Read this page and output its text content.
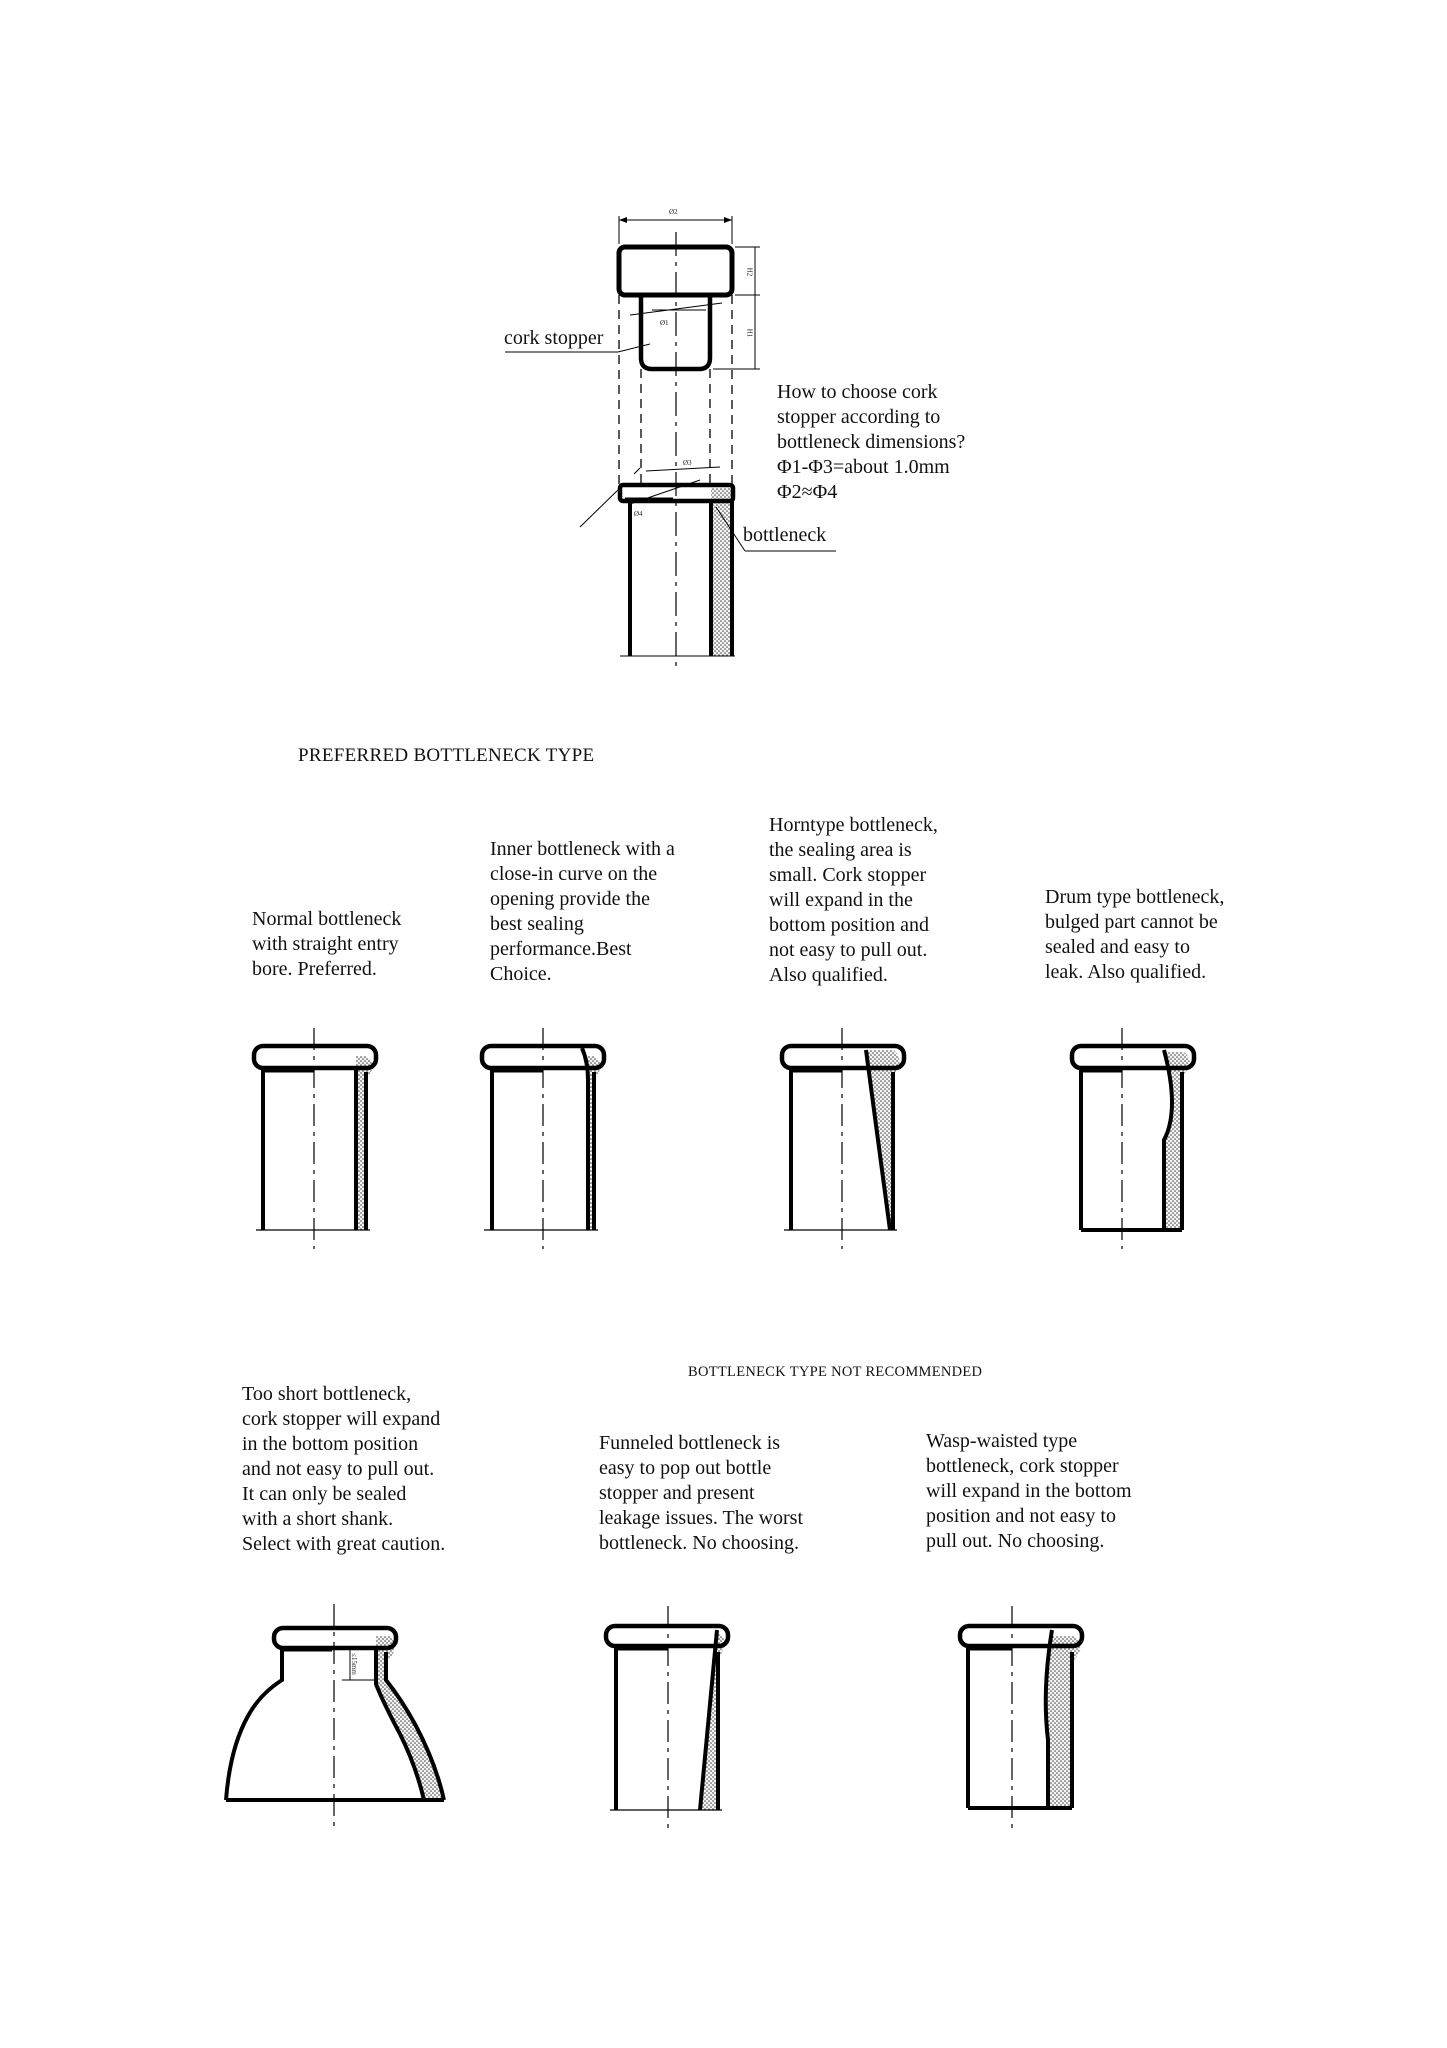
Ø2
Ø1
Ø3
Ø4
H2
H1
≤15mm
cork stopper
bottleneck
How to choose cork
stopper according to
bottleneck dimensions?
Φ1-Φ3=about 1.0mm
Φ2≈Φ4
PREFERRED BOTTLENECK TYPE
Normal bottleneck
with straight entry
bore. Preferred.
Inner bottleneck with a
close-in curve on the
opening provide the
best sealing
performance.Best
Choice.
Horntype bottleneck,
the sealing area is
small. Cork stopper
will expand in the
bottom position and
not easy to pull out.
Also qualified.
Drum type bottleneck,
bulged part cannot be
sealed and easy to
leak. Also qualified.
BOTTLENECK TYPE NOT RECOMMENDED
Too short bottleneck,
cork stopper will expand
in the bottom position
and not easy to pull out.
It can only be sealed
with a short shank.
Select with great caution.
Funneled bottleneck is
easy to pop out bottle
stopper and present
leakage issues. The worst
bottleneck. No choosing.
Wasp-waisted type
bottleneck, cork stopper
will expand in the bottom
position and not easy to
pull out. No choosing.
